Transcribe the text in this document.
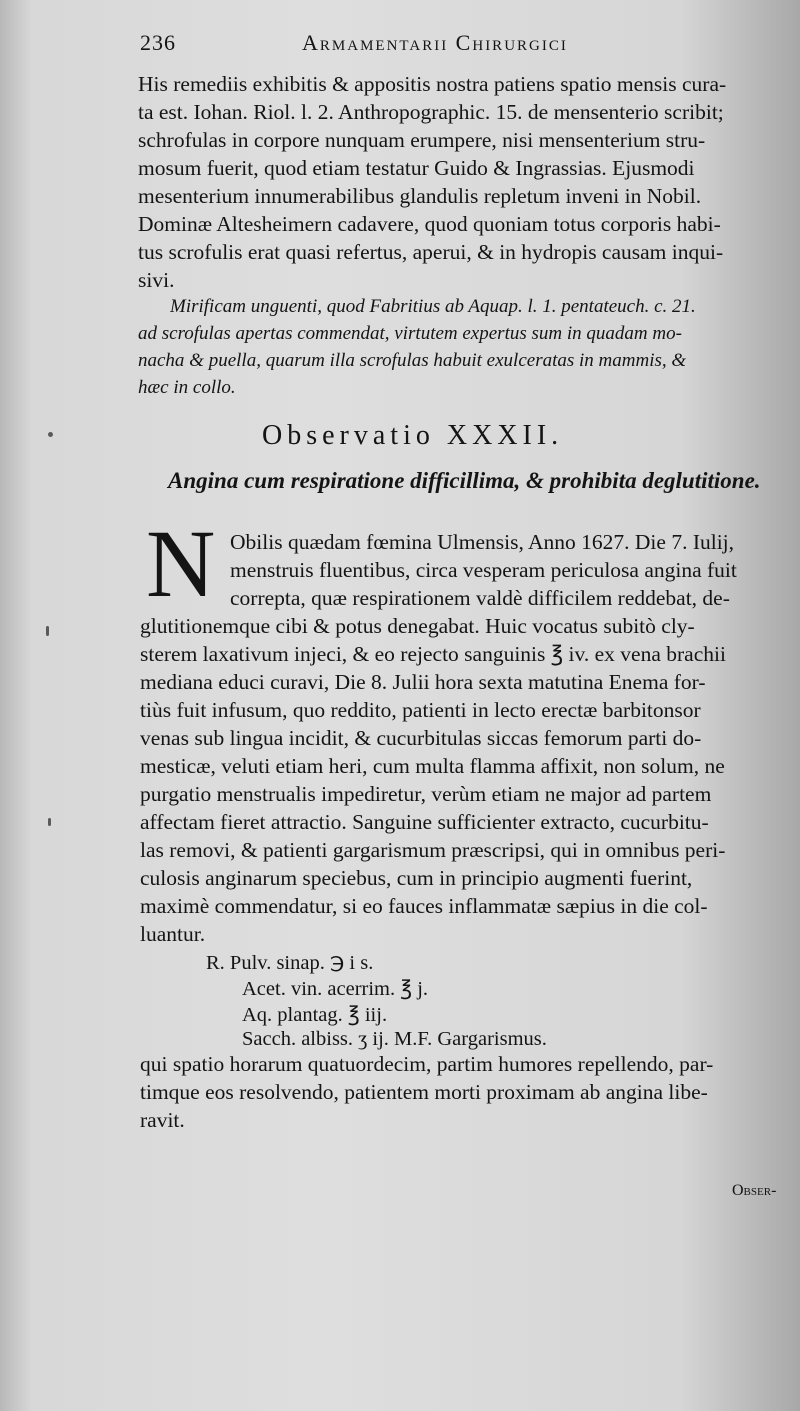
236	Armamentarii Chirurgici
His remediis exhibitis & appositis nostra patiens spatio mensis cura-
ta est. Iohan. Riol. l. 2. Anthropographic. 15. de mensenterio scribit;
schrofulas in corpore nunquam erumpere, nisi mensenterium stru-
mosum fuerit, quod etiam testatur Guido & Ingrassias. Ejusmodi
mesenterium innumerabilibus glandulis repletum inveni in Nobil.
Dominæ Altesheimern cadavere, quod quoniam totus corporis habi-
tus scrofulis erat quasi refertus, aperui, & in hydropis causam inqui-
sivi.
Mirificam unguenti, quod Fabritius ab Aquap. l. 1. pentateuch. c. 21.
ad scrofulas apertas commendat, virtutem expertus sum in quadam mo-
nacha & puella, quarum illa scrofulas habuit exulceratas in mammis, &
hæc in collo.
Observatio XXXII.
Angina cum respiratione difficillima, & prohibita deglutitione.
N Obilis quædam fœmina Ulmensis, Anno 1627. Die 7. Iulij,
menstruis fluentibus, circa vesperam periculosa angina fuit
correpta, quæ respirationem valdè difficilem reddebat, de-
glutitionemque cibi & potus denegabat. Huic vocatus subitò cly-
sterem laxativum injeci, & eo rejecto sanguinis ℥ iv. ex vena brachii
mediana educi curavi, Die 8. Julii hora sexta matutina Enema for-
tiùs fuit infusum, quo reddito, patienti in lecto erectæ barbitonsor
venas sub lingua incidit, & cucurbitulas siccas femorum parti do-
mesticæ, veluti etiam heri, cum multa flamma affixit, non solum, ne
purgatio menstrualis impediretur, verùm etiam ne major ad partem
affectam fieret attractio. Sanguine sufficienter extracto, cucurbitu-
las removi, & patienti gargarismum præscripsi, qui in omnibus peri-
culosis anginarum speciebus, cum in principio augmenti fuerint,
maximè commendatur, si eo fauces inflammatæ sæpius in die col-
luantur.
R. Pulv. sinap. ℈ i s.
Acet. vin. acerrim. ℥ j.
Aq. plantag. ℥ iij.
Sacch. albiss. ʒ ij. M.F. Gargarismus.
qui spatio horarum quatuordecim, partim humores repellendo, par-
timque eos resolvendo, patientem morti proximam ab angina libe-
ravit.
Obser-
